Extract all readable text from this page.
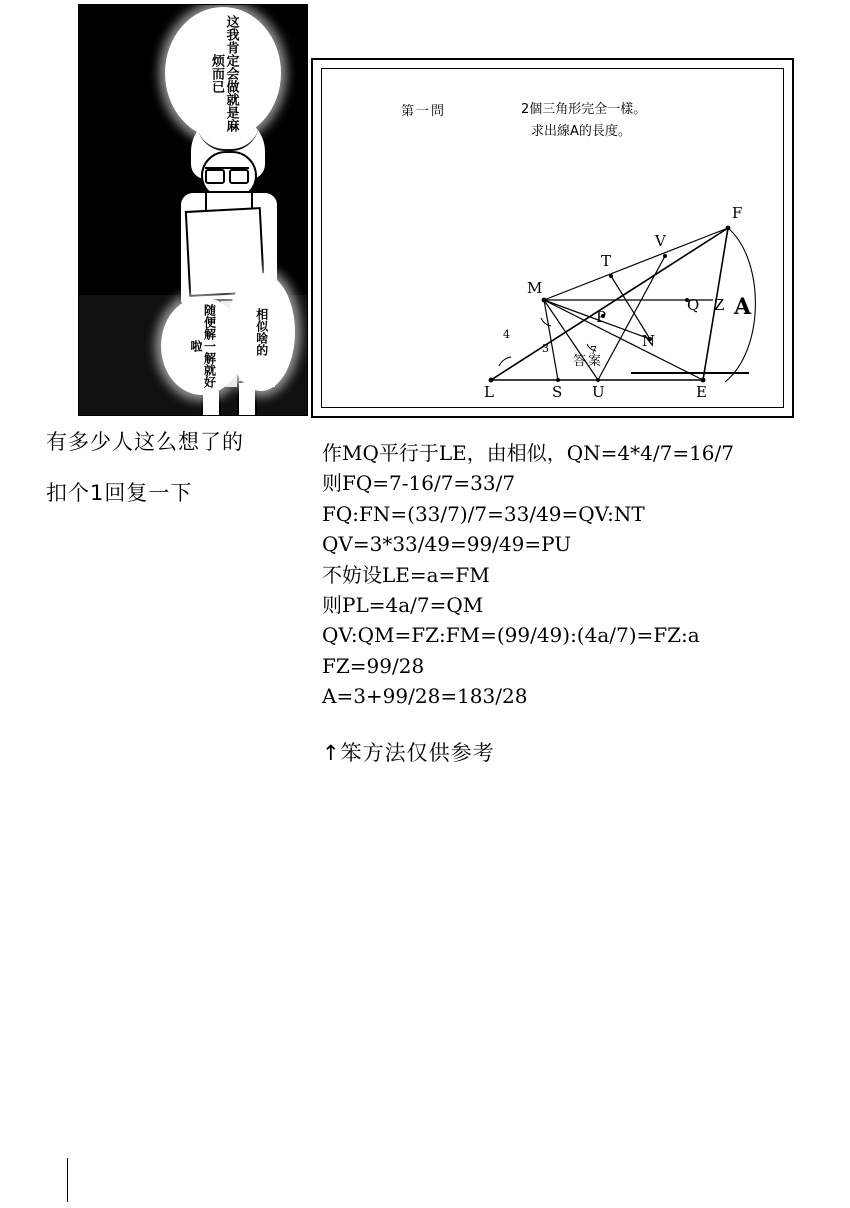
这我肯定会做就是麻烦而已
相似啥的
随便解一解就好啦
第一問	2個三角形完全一樣。
求出線A的長度。
F
V
T
M
Q Z A
P
N
L	S U	E
4
3	7
答案
有多少人这么想了的
扣个1回复一下
作MQ平行于LE，由相似，QN=4*4/7=16/7
则FQ=7-16/7=33/7
FQ:FN=(33/7)/7=33/49=QV:NT
QV=3*33/49=99/49=PU
不妨设LE=a=FM
则PL=4a/7=QM
QV:QM=FZ:FM=(99/49):(4a/7)=FZ:a
FZ=99/28
A=3+99/28=183/28
↑笨方法仅供参考
